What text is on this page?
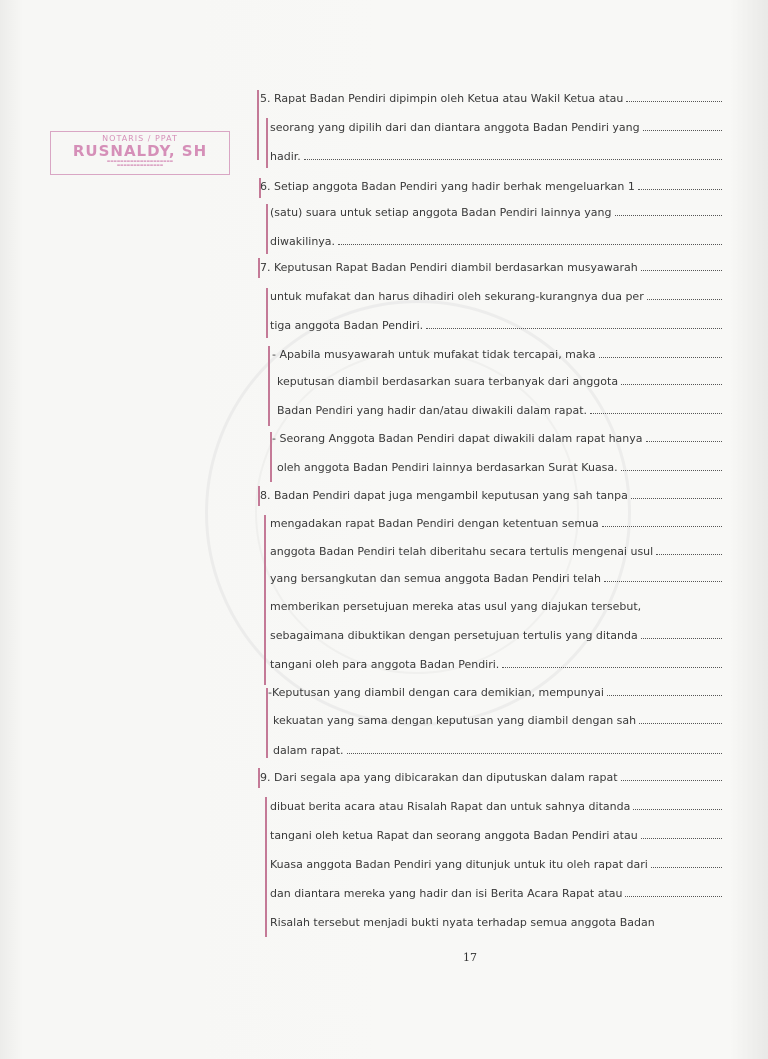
NOTARIS / PPAT
RUSNALDY, SH
▬▬▬▬▬▬▬▬▬▬▬▬▬▬▬▬▬▬▬▬
▬▬▬▬▬▬▬▬▬▬▬▬▬▬
5. Rapat Badan Pendiri dipimpin oleh Ketua atau Wakil Ketua atau
seorang yang dipilih dari dan diantara anggota Badan Pendiri yang
hadir.
6. Setiap anggota Badan Pendiri yang hadir berhak mengeluarkan 1
(satu) suara untuk setiap anggota Badan Pendiri lainnya yang
diwakilinya.
7. Keputusan Rapat Badan Pendiri diambil berdasarkan musyawarah
untuk mufakat dan harus dihadiri oleh sekurang-kurangnya dua per
tiga anggota Badan Pendiri.
- Apabila musyawarah untuk mufakat tidak tercapai, maka
keputusan diambil berdasarkan suara terbanyak dari anggota
Badan Pendiri yang hadir dan/atau diwakili dalam rapat.
- Seorang Anggota Badan Pendiri dapat diwakili dalam rapat hanya
oleh anggota Badan Pendiri lainnya berdasarkan Surat Kuasa.
8. Badan Pendiri dapat juga mengambil keputusan yang sah tanpa
mengadakan rapat Badan Pendiri dengan ketentuan semua
anggota Badan Pendiri telah diberitahu secara tertulis mengenai usul
yang bersangkutan dan semua anggota Badan Pendiri telah
memberikan persetujuan mereka atas usul yang diajukan tersebut,
sebagaimana dibuktikan dengan persetujuan tertulis yang ditanda
tangani oleh para anggota Badan Pendiri.
-Keputusan yang diambil dengan cara demikian, mempunyai
kekuatan yang sama dengan keputusan yang diambil dengan sah
dalam rapat.
9. Dari segala apa yang dibicarakan dan diputuskan dalam rapat
dibuat berita acara atau Risalah Rapat dan untuk sahnya ditanda
tangani oleh ketua Rapat dan seorang anggota Badan Pendiri atau
Kuasa anggota Badan Pendiri yang ditunjuk untuk itu oleh rapat dari
dan diantara mereka yang hadir dan isi Berita Acara Rapat atau
Risalah tersebut menjadi bukti nyata terhadap semua anggota Badan
17
